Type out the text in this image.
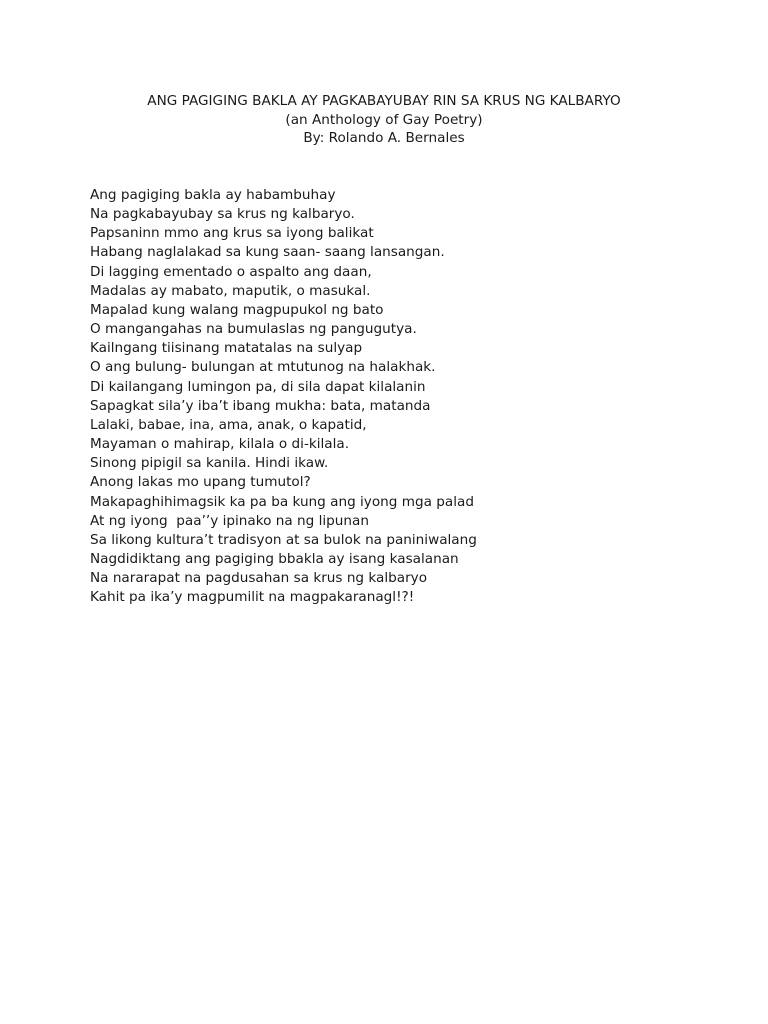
ANG PAGIGING BAKLA AY PAGKABAYUBAY RIN SA KRUS NG KALBARYO
(an Anthology of Gay Poetry)
By: Rolando A. Bernales
Ang pagiging bakla ay habambuhay
Na pagkabayubay sa krus ng kalbaryo.
Papsaninn mmo ang krus sa iyong balikat
Habang naglalakad sa kung saan- saang lansangan.
Di lagging ementado o aspalto ang daan,
Madalas ay mabato, maputik, o masukal.
Mapalad kung walang magpupukol ng bato
O mangangahas na bumulaslas ng pangugutya.
Kailngang tiisinang matatalas na sulyap
O ang bulung- bulungan at mtutunog na halakhak.
Di kailangang lumingon pa, di sila dapat kilalanin
Sapagkat sila’y iba’t ibang mukha: bata, matanda
Lalaki, babae, ina, ama, anak, o kapatid,
Mayaman o mahirap, kilala o di-kilala.
Sinong pipigil sa kanila. Hindi ikaw.
Anong lakas mo upang tumutol?
Makapaghihimagsik ka pa ba kung ang iyong mga palad
At ng iyong  paa’’y ipinako na ng lipunan
Sa likong kultura’t tradisyon at sa bulok na paniniwalang
Nagdidiktang ang pagiging bbakla ay isang kasalanan
Na nararapat na pagdusahan sa krus ng kalbaryo
Kahit pa ika’y magpumilit na magpakaranagl!?!
